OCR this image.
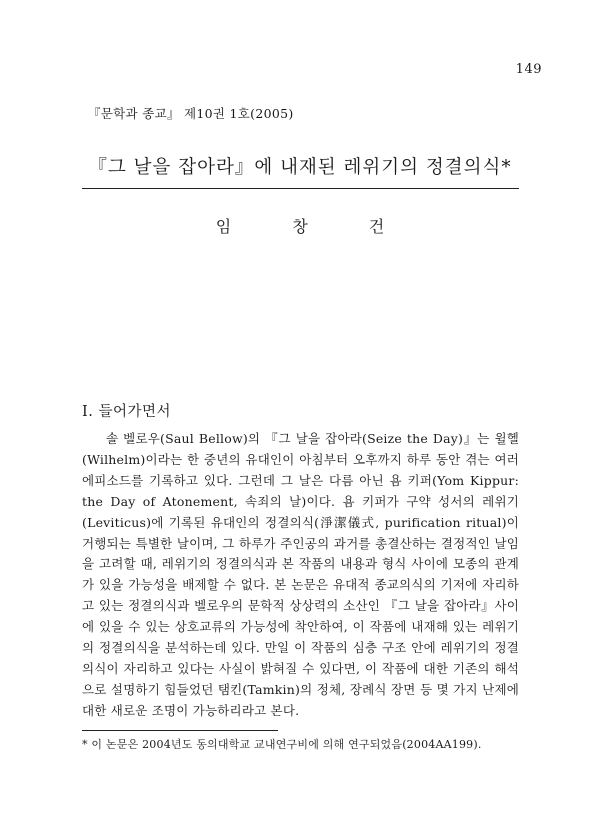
149
『문학과 종교』 제10권 1호(2005)
『그 날을 잡아라』에 내재된 레위기의 정결의식*
임 창 건
I. 들어가면서

솔 벨로우(Saul Bellow)의 『그 날을 잡아라(Seize the Day)』는 윌헬(Wilhelm)이라는 한 중년의 유대인이 아침부터 오후까지 하루 동안 겪는 여러 에피소드를 기록하고 있다. 그런데 그 날은 다름 아닌 욤 키퍼(Yom Kippur: the Day of Atonement, 속죄의 날)이다. 욤 키퍼가 구약 성서의 레위기(Leviticus)에 기록된 유대인의 정결의식(淨潔儀式, purification ritual)이 거행되는 특별한 날이며, 그 하루가 주인공의 과거를 총결산하는 결정적인 날임을 고려할 때, 레위기의 정결의식과 본 작품의 내용과 형식 사이에 모종의 관계가 있을 가능성을 배제할 수 없다. 본 논문은 유대적 종교의식의 기저에 자리하고 있는 정결의식과 벨로우의 문학적 상상력의 소산인 『그 날을 잡아라』사이에 있을 수 있는 상호교류의 가능성에 착안하여, 이 작품에 내재해 있는 레위기의 정결의식을 분석하는데 있다. 만일 이 작품의 심층 구조 안에 레위기의 정결의식이 자리하고 있다는 사실이 밝혀질 수 있다면, 이 작품에 대한 기존의 해석으로 설명하기 힘들었던 탬킨(Tamkin)의 정체, 장례식 장면 등 몇 가지 난제에 대한 새로운 조명이 가능하리라고 본다.

* 이 논문은 2004년도 동의대학교 교내연구비에 의해 연구되었음(2004AA199).
